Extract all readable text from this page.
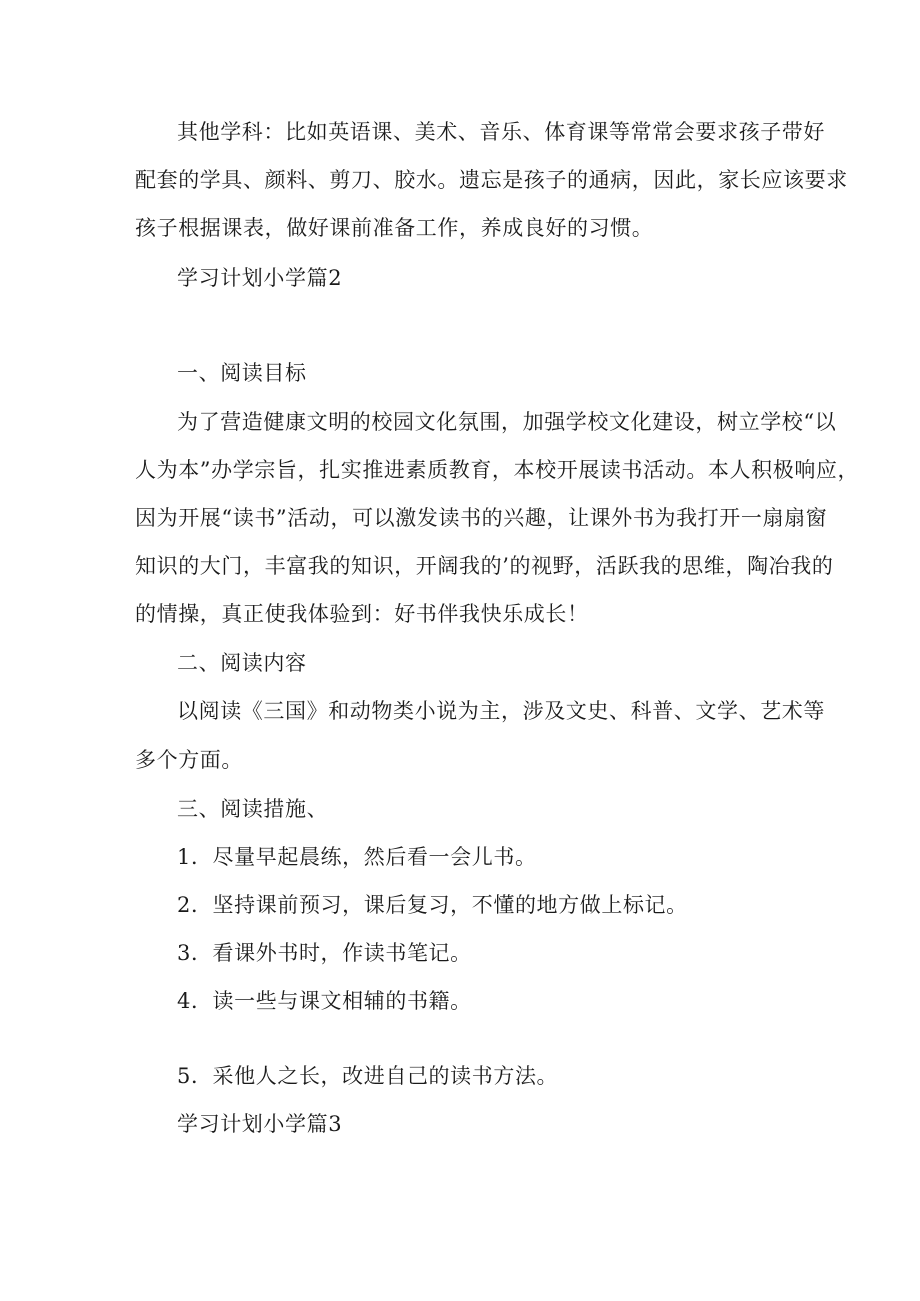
其他学科：比如英语课、美术、音乐、体育课等常常会要求孩子带好
配套的学具、颜料、剪刀、胶水。遗忘是孩子的通病，因此，家长应该要求
孩子根据课表，做好课前准备工作，养成良好的习惯。
学习计划小学篇2
一、阅读目标
为了营造健康文明的校园文化氛围，加强学校文化建设，树立学校“以
人为本”办学宗旨，扎实推进素质教育，本校开展读书活动。本人积极响应，
因为开展“读书”活动，可以激发读书的兴趣，让课外书为我打开一扇扇窗
知识的大门，丰富我的知识，开阔我的’的视野，活跃我的思维，陶冶我的
的情操，真正使我体验到：好书伴我快乐成长！
二、阅读内容
以阅读《三国》和动物类小说为主，涉及文史、科普、文学、艺术等
多个方面。
三、阅读措施、
1．尽量早起晨练，然后看一会儿书。
2．坚持课前预习，课后复习，不懂的地方做上标记。
3．看课外书时，作读书笔记。
4．读一些与课文相辅的书籍。
5．采他人之长，改进自己的读书方法。
学习计划小学篇3
